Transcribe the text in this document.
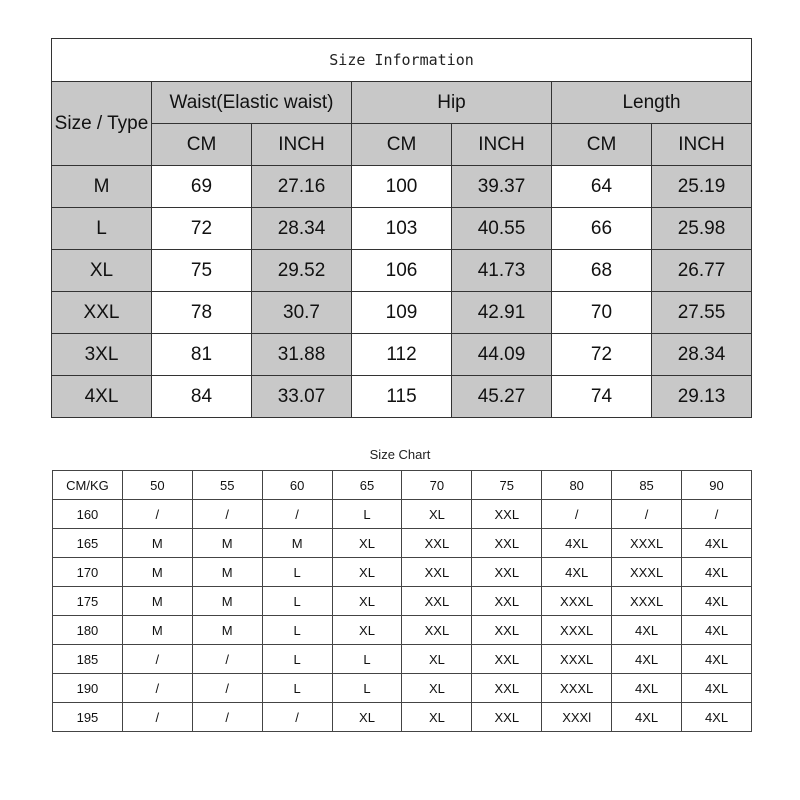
Size Information						
Size / Type	Waist(Elastic waist)		Hip		Length	
	CM	INCH	CM	INCH	CM	INCH
M	69	27.16	100	39.37	64	25.19
L	72	28.34	103	40.55	66	25.98
XL	75	29.52	106	41.73	68	26.77
XXL	78	30.7	109	42.91	70	27.55
3XL	81	31.88	112	44.09	72	28.34
4XL	84	33.07	115	45.27	74	29.13
Size Chart
CM/KG	50	55	60	65	70	75	80	85	90
160	/	/	/	L	XL	XXL	/	/	/
165	M	M	M	XL	XXL	XXL	4XL	XXXL	4XL
170	M	M	L	XL	XXL	XXL	4XL	XXXL	4XL
175	M	M	L	XL	XXL	XXL	XXXL	XXXL	4XL
180	M	M	L	XL	XXL	XXL	XXXL	4XL	4XL
185	/	/	L	L	XL	XXL	XXXL	4XL	4XL
190	/	/	L	L	XL	XXL	XXXL	4XL	4XL
195	/	/	/	XL	XL	XXL	XXXl	4XL	4XL
